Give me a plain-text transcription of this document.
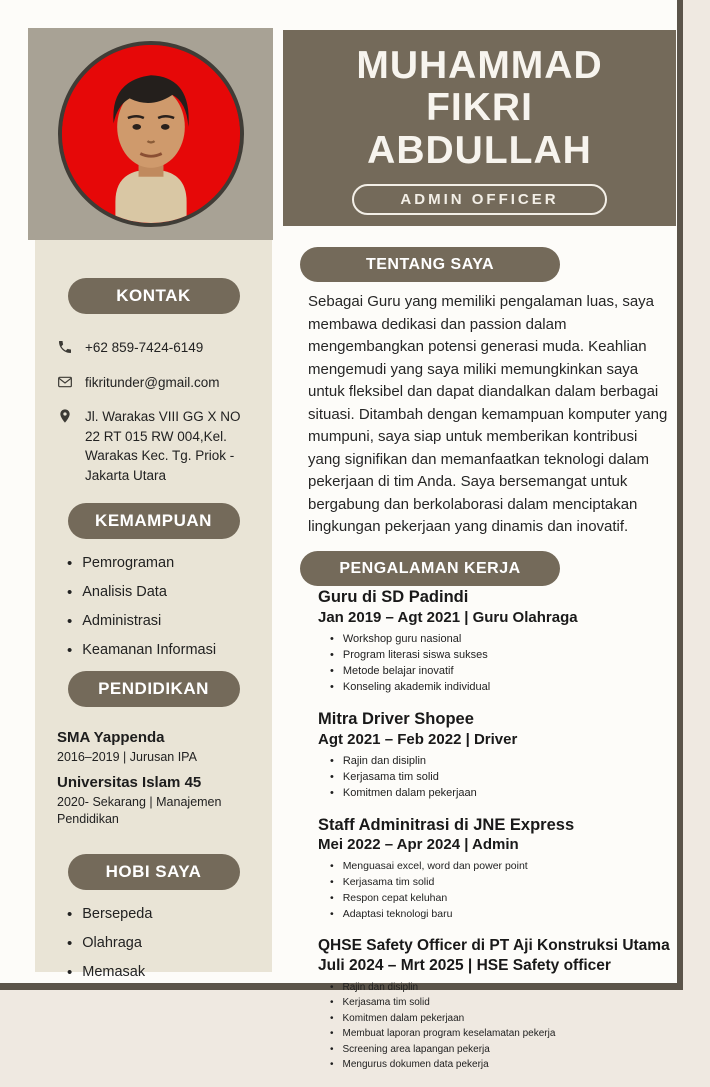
KONTAK
+62 859-7424-6149
fikritunder@gmail.com
Jl. Warakas VIII GG X NO 22 RT 015 RW 004,Kel. Warakas Kec. Tg. Priok - Jakarta Utara
KEMAMPUAN
• Pemrograman
• Analisis Data
• Administrasi
• Keamanan Informasi
PENDIDIKAN
SMA Yappenda
2016–2019 | Jurusan IPA
Universitas Islam 45
2020- Sekarang | Manajemen Pendidikan
HOBI SAYA
• Bersepeda
• Olahraga
• Memasak
MUHAMMAD
FIKRI
ABDULLAH
ADMIN OFFICER
TENTANG SAYA
Sebagai Guru yang memiliki pengalaman luas, saya membawa dedikasi dan passion dalam mengembangkan potensi generasi muda. Keahlian mengemudi yang saya miliki memungkinkan saya untuk fleksibel dan dapat diandalkan dalam berbagai situasi. Ditambah dengan kemampuan komputer yang mumpuni, saya siap untuk memberikan kontribusi yang signifikan dan memanfaatkan teknologi dalam pekerjaan di tim Anda. Saya bersemangat untuk bergabung dan berkolaborasi dalam menciptakan lingkungan pekerjaan yang dinamis dan inovatif.
PENGALAMAN KERJA
Guru di SD Padindi
Jan 2019 – Agt 2021 | Guru Olahraga
• Workshop guru nasional
• Program literasi siswa sukses
• Metode belajar inovatif
• Konseling akademik individual
Mitra Driver Shopee
Agt 2021 – Feb 2022 | Driver
• Rajin dan disiplin
• Kerjasama tim solid
• Komitmen dalam pekerjaan
Staff Adminitrasi di JNE Express
Mei 2022 – Apr 2024 | Admin
• Menguasai excel, word dan power point
• Kerjasama tim solid
• Respon cepat keluhan
• Adaptasi teknologi baru
QHSE Safety Officer di PT Aji Konstruksi Utama
Juli 2024 – Mrt 2025 | HSE Safety officer
• Rajin dan disiplin
• Kerjasama tim solid
• Komitmen dalam pekerjaan
• Membuat laporan program keselamatan pekerja
• Screening area lapangan pekerja
• Mengurus dokumen data pekerja
